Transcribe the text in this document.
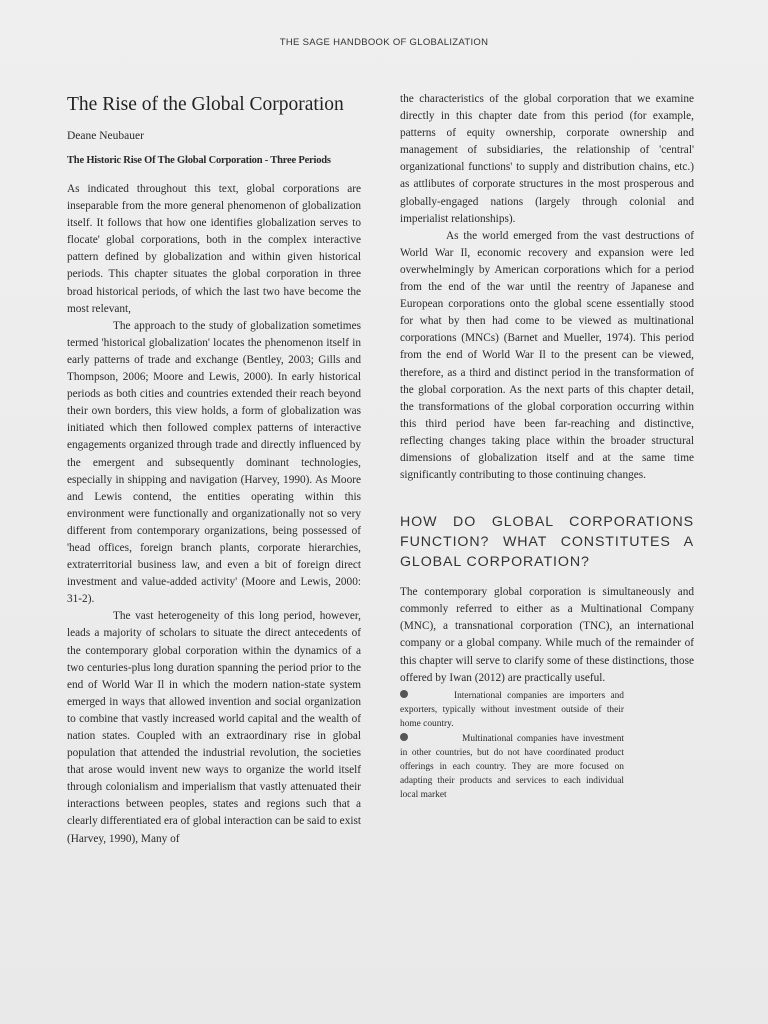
THE SAGE HANDBOOK OF GLOBALIZATION
The Rise of the Global Corporation
Deane Neubauer
The Historic Rise Of The Global Corporation - Three Periods

As indicated throughout this text, global corporations are inseparable from the more general phenomenon of globalization itself. It follows that how one identifies globalization serves to flocate' global corporations, both in the complex interactive pattern defined by globalization and within given historical periods. This chapter situates the global corporation in three broad historical periods, of which the last two have become the most relevant,

The approach to the study of globalization sometimes termed 'historical globalization' locates the phenomenon itself in early patterns of trade and exchange (Bentley, 2003; Gills and Thompson, 2006; Moore and Lewis, 2000). In early historical periods as both cities and countries extended their reach beyond their own borders, this view holds, a form of globalization was initiated which then followed complex patterns of interactive engagements organized through trade and directly influenced by the emergent and subsequently dominant technologies, especially in shipping and navigation (Harvey, 1990). As Moore and Lewis contend, the entities operating within this environment were functionally and organizationally not so very different from contemporary organizations, being possessed of 'head offices, foreign branch plants, corporate hierarchies, extraterritorial business law, and even a bit of foreign direct investment and value-added activity' (Moore and Lewis, 2000: 31-2).

The vast heterogeneity of this long period, however, leads a majority of scholars to situate the direct antecedents of the contemporary global corporation within the dynamics of a two centuries-plus long duration spanning the period prior to the end of World War Il in which the modern nation-state system emerged in ways that allowed invention and social organization to combine that vastly increased world capital and the wealth of nation states. Coupled with an extraordinary rise in global population that attended the industrial revolution, the societies that arose would invent new ways to organize the world itself through colonialism and imperialism that vastly attenuated their interactions between peoples, states and regions such that a clearly differentiated era of global interaction can be said to exist (Harvey, 1990), Many of

the characteristics of the global corporation that we examine directly in this chapter date from this period (for example, patterns of equity ownership, corporate ownership and management of subsidiaries, the relationship of 'central' organizational functions' to supply and distribution chains, etc.) as attlibutes of corporate structures in the most prosperous and globally-engaged nations (largely through colonial and imperialist relationships).

As the world emerged from the vast destructions of World War Il, economic recovery and expansion were led overwhelmingly by American corporations which for a period from the end of the war until the reentry of Japanese and European corporations onto the global scene essentially stood for what by then had come to be viewed as multinational corporations (MNCs) (Barnet and Mueller, 1974). This period from the end of World War Il to the present can be viewed, therefore, as a third and distinct period in the transformation of the global corporation. As the next parts of this chapter detail, the transformations of the global corporation occurring within this third period have been far-reaching and distinctive, reflecting changes taking place within the broader structural dimensions of globalization itself and at the same time significantly contributing to those continuing changes.

HOW DO GLOBAL CORPORATIONS FUNCTION? WHAT CONSTITUTES A GLOBAL CORPORATION?

The contemporary global corporation is simultaneously and commonly referred to either as a Multinational Company (MNC), a transnational corporation (TNC), an international company or a global company. While much of the remainder of this chapter will serve to clarify some of these distinctions, those offered by Iwan (2012) are practically useful.

International companies are importers and exporters, typically without investment outside of their home country.
Multinational companies have investment in other countries, but do not have coordinated product offerings in each country. They are more focused on adapting their products and services to each individual local market
